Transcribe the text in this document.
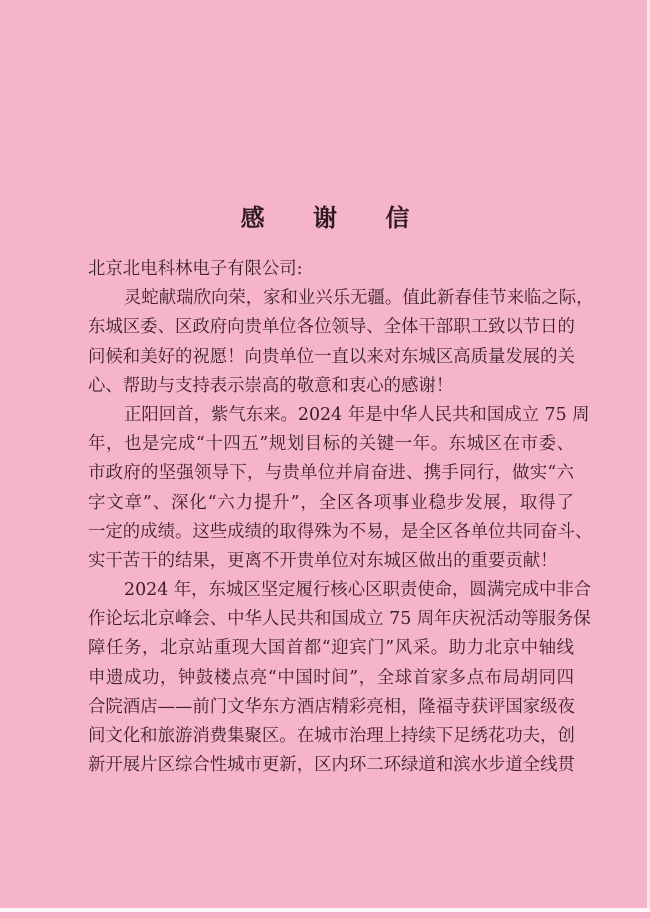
感 谢 信
北京北电科林电子有限公司:
灵蛇献瑞欣向荣，家和业兴乐无疆。值此新春佳节来临之际，
东城区委、区政府向贵单位各位领导、全体干部职工致以节日的
问候和美好的祝愿！向贵单位一直以来对东城区高质量发展的关
心、帮助与支持表示崇高的敬意和衷心的感谢！
正阳回首，紫气东来。2024 年是中华人民共和国成立 75 周
年，也是完成“十四五”规划目标的关键一年。东城区在市委、
市政府的坚强领导下，与贵单位并肩奋进、携手同行，做实“六
字文章”、深化“六力提升”，全区各项事业稳步发展，取得了
一定的成绩。这些成绩的取得殊为不易，是全区各单位共同奋斗、
实干苦干的结果，更离不开贵单位对东城区做出的重要贡献！
2024 年，东城区坚定履行核心区职责使命，圆满完成中非合
作论坛北京峰会、中华人民共和国成立 75 周年庆祝活动等服务保
障任务，北京站重现大国首都“迎宾门”风采。助力北京中轴线
申遗成功，钟鼓楼点亮“中国时间”，全球首家多点布局胡同四
合院酒店——前门文华东方酒店精彩亮相，隆福寺获评国家级夜
间文化和旅游消费集聚区。在城市治理上持续下足绣花功夫，创
新开展片区综合性城市更新，区内环二环绿道和滨水步道全线贯
